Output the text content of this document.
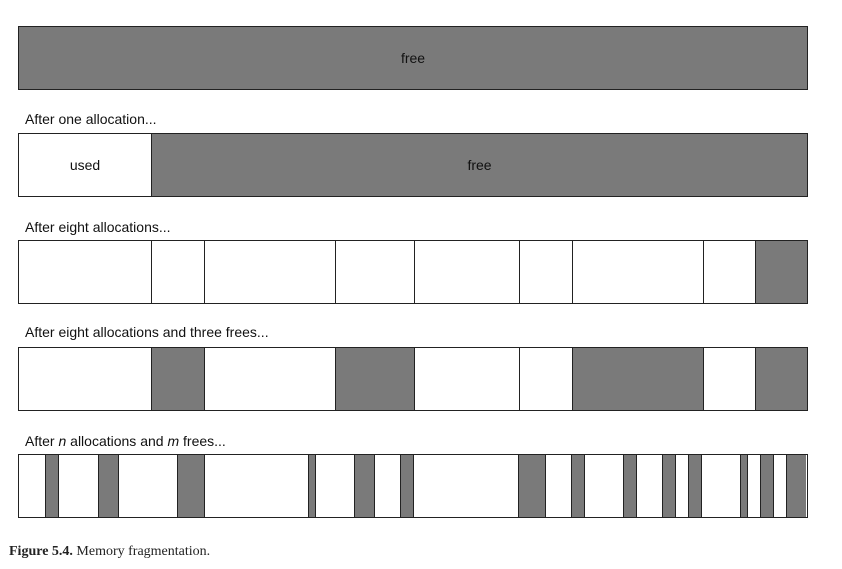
free
After one allocation...
used	free
After eight allocations...
After eight allocations and three frees...
After n allocations and m frees...
Figure 5.4. Memory fragmentation.
